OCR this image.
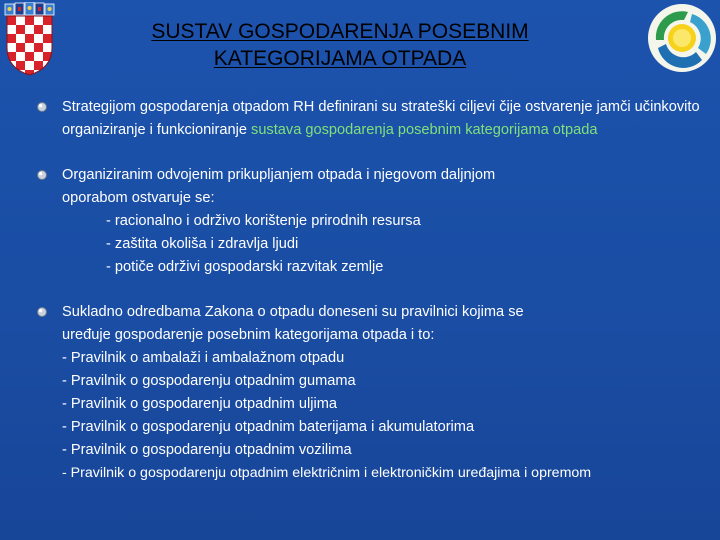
SUSTAV GOSPODARENJA POSEBNIM
KATEGORIJAMA OTPADA
Strategijom gospodarenja otpadom RH definirani su strateški ciljevi čije ostvarenje jamči učinkovito organiziranje i funkcioniranje sustava gospodarenja posebnim kategorijama otpada
Organiziranim odvojenim prikupljanjem otpada i njegovom daljnjom
oporabom ostvaruje se:
- racionalno i održivo korištenje prirodnih resursa
- zaštita okoliša i zdravlja ljudi
- potiče održivi gospodarski razvitak zemlje
Sukladno odredbama Zakona o otpadu doneseni su pravilnici kojima se
uređuje gospodarenje posebnim kategorijama otpada i to:
- Pravilnik o ambalaži i ambalažnom otpadu
- Pravilnik o gospodarenju otpadnim gumama
- Pravilnik o gospodarenju otpadnim uljima
- Pravilnik o gospodarenju otpadnim baterijama i akumulatorima
- Pravilnik o gospodarenju otpadnim vozilima
- Pravilnik o gospodarenju otpadnim električnim i elektroničkim uređajima i opremom
